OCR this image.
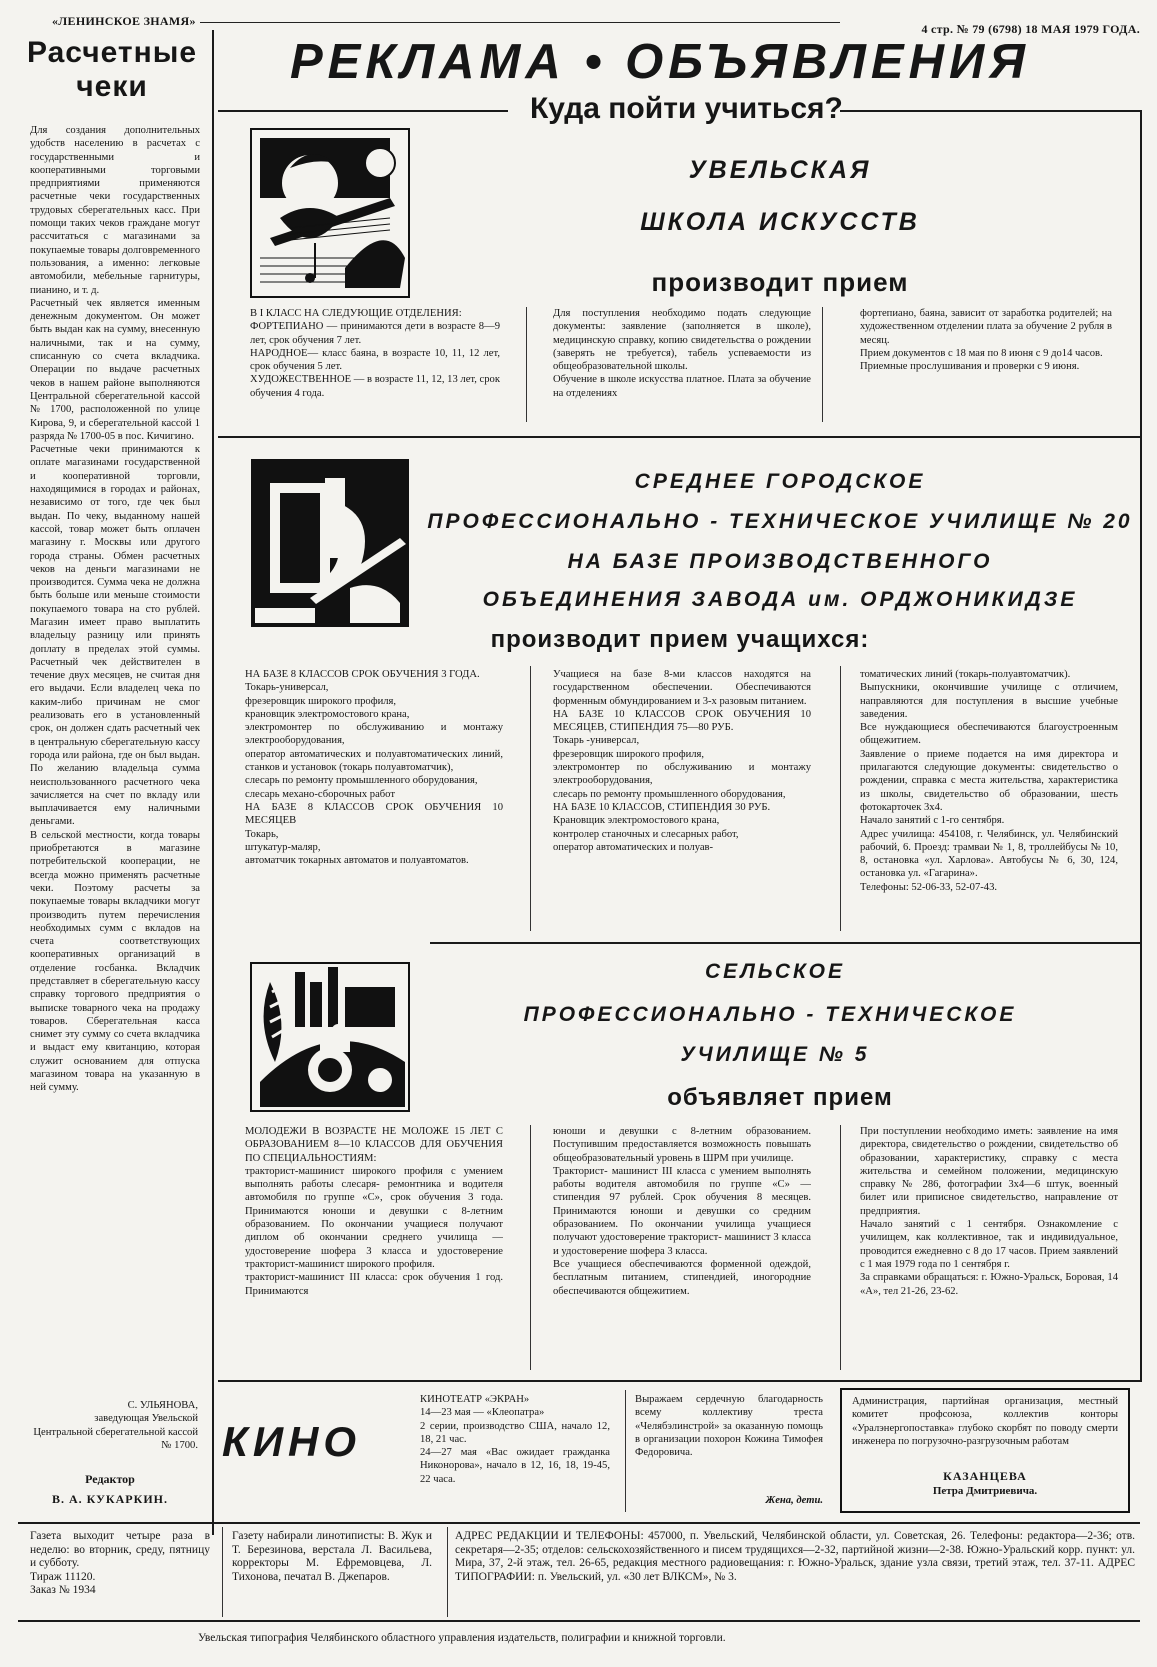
«ЛЕНИНСКОЕ ЗНАМЯ»
4 стр. № 79 (6798) 18 МАЯ 1979 ГОДА.
РЕКЛАМА • ОБЪЯВЛЕНИЯ
Расчетные
чеки
Для создания дополнительных удобств населению в расчетах с государственными и кооперативными торговыми предприятиями применяются расчетные чеки государственных трудовых сберегательных касс. При помощи таких чеков граждане могут рассчитаться с магазинами за покупаемые товары долговременного пользования, а именно: легковые автомобили, мебельные гарнитуры, пианино, и т. д.
Расчетный чек является именным денежным документом. Он может быть выдан как на сумму, внесенную наличными, так и на сумму, списанную со счета вкладчика. Операции по выдаче расчетных чеков в нашем районе выполняются Центральной сберегательной кассой № 1700, расположенной по улице Кирова, 9, и сберегательной кассой 1 разряда № 1700-05 в пос. Кичигино.
Расчетные чеки принимаются к оплате магазинами государственной и кооперативной торговли, находящимися в городах и районах, независимо от того, где чек был выдан. По чеку, выданному нашей кассой, товар может быть оплачен магазину г. Москвы или другого города страны. Обмен расчетных чеков на деньги магазинами не производится. Сумма чека не должна быть больше или меньше стоимости покупаемого товара на сто рублей. Магазин имеет право выплатить владельцу разницу или принять доплату в пределах этой суммы. Расчетный чек действителен в течение двух месяцев, не считая дня его выдачи. Если владелец чека по каким-либо причинам не смог реализовать его в установленный срок, он должен сдать расчетный чек в центральную сберегательную кассу города или района, где он был выдан. По желанию владельца сумма неиспользованного расчетного чека зачисляется на счет по вкладу или выплачивается ему наличными деньгами.
В сельской местности, когда товары приобретаются в магазине потребительской кооперации, не всегда можно применять расчетные чеки. Поэтому расчеты за покупаемые товары вкладчики могут производить путем перечисления необходимых сумм с вкладов на счета соответствующих кооперативных организаций в отделение госбанка. Вкладчик представляет в сберегательную кассу справку торгового предприятия о выписке товарного чека на продажу товаров. Сберегательная касса снимет эту сумму со счета вкладчика и выдаст ему квитанцию, которая служит основанием для отпуска магазином товара на указанную в ней сумму.
С. УЛЬЯНОВА,
заведующая Увельской
Центральной сберегательной кассой № 1700.
Редактор
В. А. КУКАРКИН.
Куда пойти учиться?
УВЕЛЬСКАЯ
ШКОЛА ИСКУССТВ
производит прием
В I КЛАСС НА СЛЕДУЮЩИЕ ОТДЕЛЕНИЯ:
ФОРТЕПИАНО — принимаются дети в возрасте 8—9 лет, срок обучения 7 лет.
НАРОДНОЕ— класс баяна, в возрасте 10, 11, 12 лет, срок обучения 5 лет.
ХУДОЖЕСТВЕННОЕ — в возрасте 11, 12, 13 лет, срок обучения 4 года.
Для поступления необходимо подать следующие документы: заявление (заполняется в школе), медицинскую справку, копию свидетельства о рождении (заверять не требуется), табель успеваемости из общеобразовательной школы.
Обучение в школе искусства платное. Плата за обучение на отделениях
фортепиано, баяна, зависит от заработка родителей; на художественном отделении плата за обучение 2 рубля в месяц.
Прием документов с 18 мая по 8 июня с 9 до14 часов.
Приемные прослушивания и проверки с 9 июня.
СРЕДНЕЕ ГОРОДСКОЕ
ПРОФЕССИОНАЛЬНО - ТЕХНИЧЕСКОЕ УЧИЛИЩЕ № 20
НА БАЗЕ ПРОИЗВОДСТВЕННОГО
ОБЪЕДИНЕНИЯ ЗАВОДА им. ОРДЖОНИКИДЗЕ
производит прием учащихся:
НА БАЗЕ 8 КЛАССОВ СРОК ОБУЧЕНИЯ 3 ГОДА.
Токарь-универсал,
фрезеровщик широкого профиля,
крановщик электромостового крана,
электромонтер по обслуживанию и монтажу электрооборудования,
оператор автоматических и полуавтоматических линий, станков и установок (токарь полуавтоматчик),
слесарь по ремонту промышленного оборудования,
слесарь механо-сборочных работ
НА БАЗЕ 8 КЛАССОВ СРОК ОБУЧЕНИЯ 10 МЕСЯЦЕВ
Токарь,
штукатур-маляр,
автоматчик токарных автоматов и полуавтоматов.
Учащиеся на базе 8-ми классов находятся на государственном обеспечении. Обеспечиваются форменным обмундированием и 3-х разовым питанием.
НА БАЗЕ 10 КЛАССОВ СРОК ОБУЧЕНИЯ 10 МЕСЯЦЕВ, СТИПЕНДИЯ 75—80 РУБ.
Токарь -универсал,
фрезеровщик широкого профиля,
электромонтер по обслуживанию и монтажу электрооборудования,
слесарь по ремонту промышленного оборудования,
НА БАЗЕ 10 КЛАССОВ, СТИПЕНДИЯ 30 РУБ.
Крановщик электромостового крана,
контролер станочных и слесарных работ,
оператор автоматических и полуав-
томатических линий (токарь-полуавтоматчик).
Выпускники, окончившие училище с отличием, направляются для поступления в высшие учебные заведения.
Все нуждающиеся обеспечиваются благоустроенным общежитием.
Заявление о приеме подается на имя директора и прилагаются следующие документы: свидетельство о рождении, справка с места жительства, характеристика из школы, свидетельство об образовании, шесть фотокарточек 3х4.
Начало занятий с 1-го сентября.
Адрес училища: 454108, г. Челябинск, ул. Челябинский рабочий, 6. Проезд: трамваи № 1, 8, троллейбусы № 10, 8, остановка «ул. Харлова». Автобусы № 6, 30, 124, остановка ул. «Гагарина».
Телефоны: 52-06-33, 52-07-43.
СЕЛЬСКОЕ
ПРОФЕССИОНАЛЬНО - ТЕХНИЧЕСКОЕ
УЧИЛИЩЕ № 5
объявляет прием
МОЛОДЕЖИ В ВОЗРАСТЕ НЕ МОЛОЖЕ 15 ЛЕТ С ОБРАЗОВАНИЕМ 8—10 КЛАССОВ ДЛЯ ОБУЧЕНИЯ ПО СПЕЦИАЛЬНОСТИЯМ:
тракторист-машинист широкого профиля с умением выполнять работы слесаря- ремонтника и водителя автомобиля по группе «С», срок обучения 3 года. Принимаются юноши и девушки с 8-летним образованием. По окончании учащиеся получают диплом об окончании среднего училища —удостоверение шофера 3 класса и удостоверение тракторист-машинист широкого профиля.
тракторист-машинист III класса: срок обучения 1 год. Принимаются
юноши и девушки с 8-летним образованием. Поступившим предоставляется возможность повышать общеобразовательный уровень в ШРМ при училище.
Тракторист- машинист III класса с умением выполнять работы водителя автомобиля по группе «С» — стипендия 97 рублей. Срок обучения 8 месяцев. Принимаются юноши и девушки со средним образованием. По окончании училища учащиеся получают удостоверение тракторист- машинист 3 класса и удостоверение шофера 3 класса.
Все учащиеся обеспечиваются форменной одеждой, бесплатным питанием, стипендией, иногородние обеспечиваются общежитием.
При поступлении необходимо иметь: заявление на имя директора, свидетельство о рождении, свидетельство об образовании, характеристику, справку с места жительства и семейном положении, медицинскую справку № 286, фотографии 3х4—6 штук, военный билет или приписное свидетельство, направление от предприятия.
Начало занятий с 1 сентября. Ознакомление с училищем, как коллективное, так и индивидуальное, проводится ежедневно с 8 до 17 часов. Прием заявлений с 1 мая 1979 года по 1 сентября г.
За справками обращаться: г. Южно-Уральск, Боровая, 14 «А», тел 21-26, 23-62.
КИНО
КИНОТЕАТР «ЭКРАН»
14—23 мая — «Клеопатра»
2 серии, производство США, начало 12, 18, 21 час.
24—27 мая «Вас ожидает гражданка Никонорова», начало в 12, 16, 18, 19-45, 22 часа.
Выражаем сердечную благодарность всему коллективу треста «Челябэлинстрой» за оказанную помощь в организации похорон Кожина Тимофея Федоровича.
Жена, дети.
Администрация, партийная организация, местный комитет профсоюза, коллектив конторы «Уралэнергопоставка» глубоко скорбят по поводу смерти инженера по погрузочно-разгрузочным работам
КАЗАНЦЕВА
Петра Дмитриевича.
Газета выходит четыре раза в неделю: во вторник, среду, пятницу и субботу.
Тираж 11120.
Заказ № 1934
Газету набирали линотиписты: В. Жук и Т. Березинова, верстала Л. Васильева, корректоры М. Ефремовцева, Л. Тихонова, печатал В. Джепаров.
АДРЕС РЕДАКЦИИ И ТЕЛЕФОНЫ: 457000, п. Увельский, Челябинской области, ул. Советская, 26. Телефоны: редактора—2-36; отв. секретаря—2-35; отделов: сельскохозяйственного и писем трудящихся—2-32, партийной жизни—2-38. Южно-Уральский корр. пункт: ул. Мира, 37, 2-й этаж, тел. 26-65, редакция местного радиовещания: г. Южно-Уральск, здание узла связи, третий этаж, тел. 37-11. АДРЕС ТИПОГРАФИИ: п. Увельский, ул. «30 лет ВЛКСМ», № 3.
Увельская типография Челябинского областного управления издательств, полиграфии и книжной торговли.
